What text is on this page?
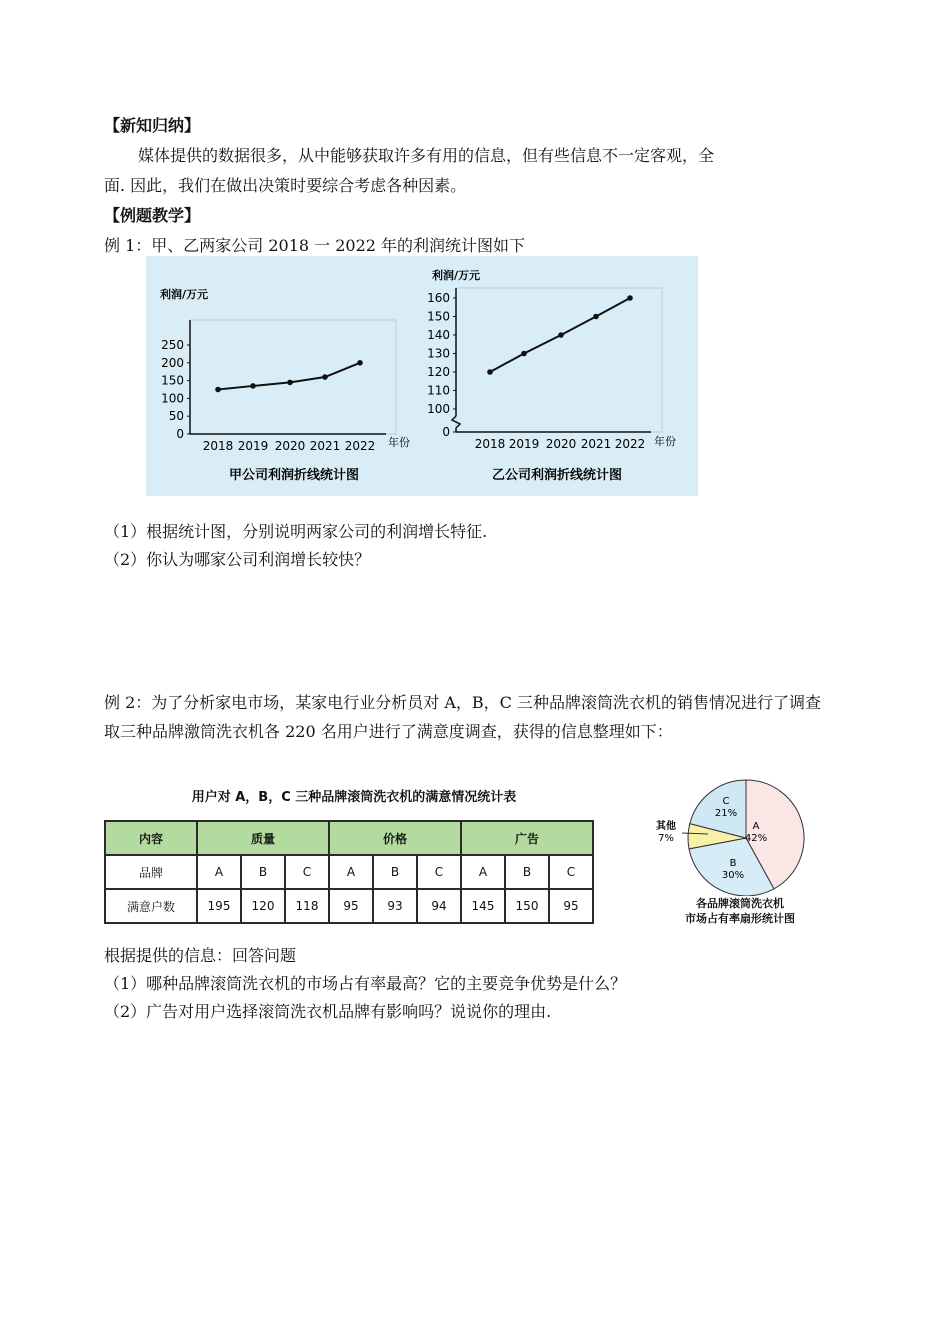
【新知归纳】
媒体提供的数据很多，从中能够获取许多有用的信息，但有些信息不一定客观，全
面. 因此，我们在做出决策时要综合考虑各种因素。
【例题教学】
例 1：甲、乙两家公司 2018 一 2022 年的利润统计图如下
利润/万元
0
50
100
150
200
250
2018 2019 2020 2021 2022 年份
甲公司利润折线统计图
利润/万元
0
100
110
120
130
140
150
160
2018 2019 2020 2021 2022 年份
乙公司利润折线统计图
（1）根据统计图，分别说明两家公司的利润增长特征.
（2）你认为哪家公司利润增长较快？
例 2：为了分析家电市场，某家电行业分析员对 A，B，C 三种品牌滚筒洗衣机的销售情况进行了调查
取三种品牌激筒洗衣机各 220 名用户进行了满意度调查，获得的信息整理如下：
用户对 A，B，C 三种品牌滚筒洗衣机的满意情况统计表
内容	质量			价格			广告		
品牌	A	B	C	A	B	C	A	B	C
满意户数	195	120	118	95	93	94	145	150	95
A
42%
B
30%
C
21%
其他
7%
各品牌滚筒洗衣机
市场占有率扇形统计图
根据提供的信息：回答问题
（1）哪种品牌滚筒洗衣机的市场占有率最高？它的主要竞争优势是什么？
（2）广告对用户选择滚筒洗衣机品牌有影响吗？说说你的理由.
